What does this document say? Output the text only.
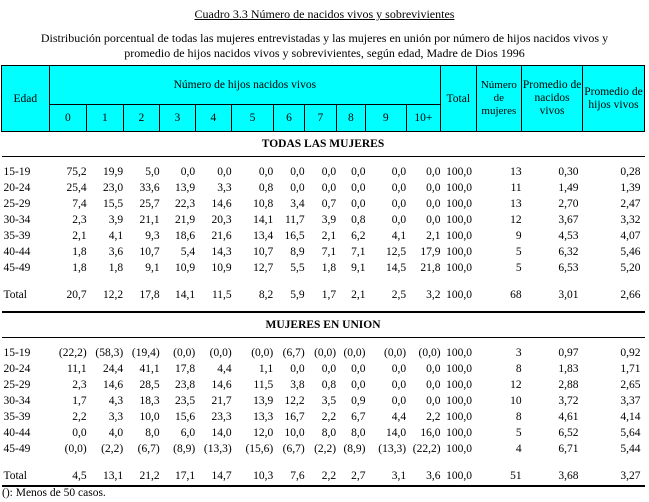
Cuadro 3.3 Número de nacidos vivos y sobrevivientes
Distribución porcentual de todas las mujeres entrevistadas y las mujeres en unión por número de hijos nacidos vivos y promedio de hijos nacidos vivos y sobrevivientes, según edad, Madre de Dios 1996
Edad	Número de hijos nacidos vivos											Total	Número de mujeres	Promedio de nacidos vivos	Promedio de hijos vivos
	0	1	2	3	4	5	6	7	8	9	10+				
TODAS LAS MUJERES															

15-19	75,2	19,9	5,0	0,0	0,0	0,0	0,0	0,0	0,0	0,0	0,0	100,0	13	0,30	0,28
20-24	25,4	23,0	33,6	13,9	3,3	0,8	0,0	0,0	0,0	0,0	0,0	100,0	11	1,49	1,39
25-29	7,4	15,5	25,7	22,3	14,6	10,8	3,4	0,7	0,0	0,0	0,0	100,0	13	2,70	2,47
30-34	2,3	3,9	21,1	21,9	20,3	14,1	11,7	3,9	0,8	0,0	0,0	100,0	12	3,67	3,32
35-39	2,1	4,1	9,3	18,6	21,6	13,4	16,5	2,1	6,2	4,1	2,1	100,0	9	4,53	4,07
40-44	1,8	3,6	10,7	5,4	14,3	10,7	8,9	7,1	7,1	12,5	17,9	100,0	5	6,32	5,46
45-49	1,8	1,8	9,1	10,9	10,9	12,7	5,5	1,8	9,1	14,5	21,8	100,0	5	6,53	5,20

Total	20,7	12,2	17,8	14,1	11,5	8,2	5,9	1,7	2,1	2,5	3,2	100,0	68	3,01	2,66

MUJERES EN UNION															

15-19	(22,2)	(58,3)	(19,4)	(0,0)	(0,0)	(0,0)	(6,7)	(0,0)	(0,0)	(0,0)	(0,0)	100,0	3	0,97	0,92
20-24	11,1	24,4	41,1	17,8	4,4	1,1	0,0	0,0	0,0	0,0	0,0	100,0	8	1,83	1,71
25-29	2,3	14,6	28,5	23,8	14,6	11,5	3,8	0,8	0,0	0,0	0,0	100,0	12	2,88	2,65
30-34	1,7	4,3	18,3	23,5	21,7	13,9	12,2	3,5	0,9	0,0	0,0	100,0	10	3,72	3,37
35-39	2,2	3,3	10,0	15,6	23,3	13,3	16,7	2,2	6,7	4,4	2,2	100,0	8	4,61	4,14
40-44	0,0	4,0	8,0	6,0	14,0	12,0	10,0	8,0	8,0	14,0	16,0	100,0	5	6,52	5,64
45-49	(0,0)	(2,2)	(6,7)	(8,9)	(13,3)	(15,6)	(6,7)	(2,2)	(8,9)	(13,3)	(22,2)	100,0	4	6,71	5,44

Total	4,5	13,1	21,2	17,1	14,7	10,3	7,6	2,2	2,7	3,1	3,6	100,0	51	3,68	3,27

(): Menos de 50 casos.
